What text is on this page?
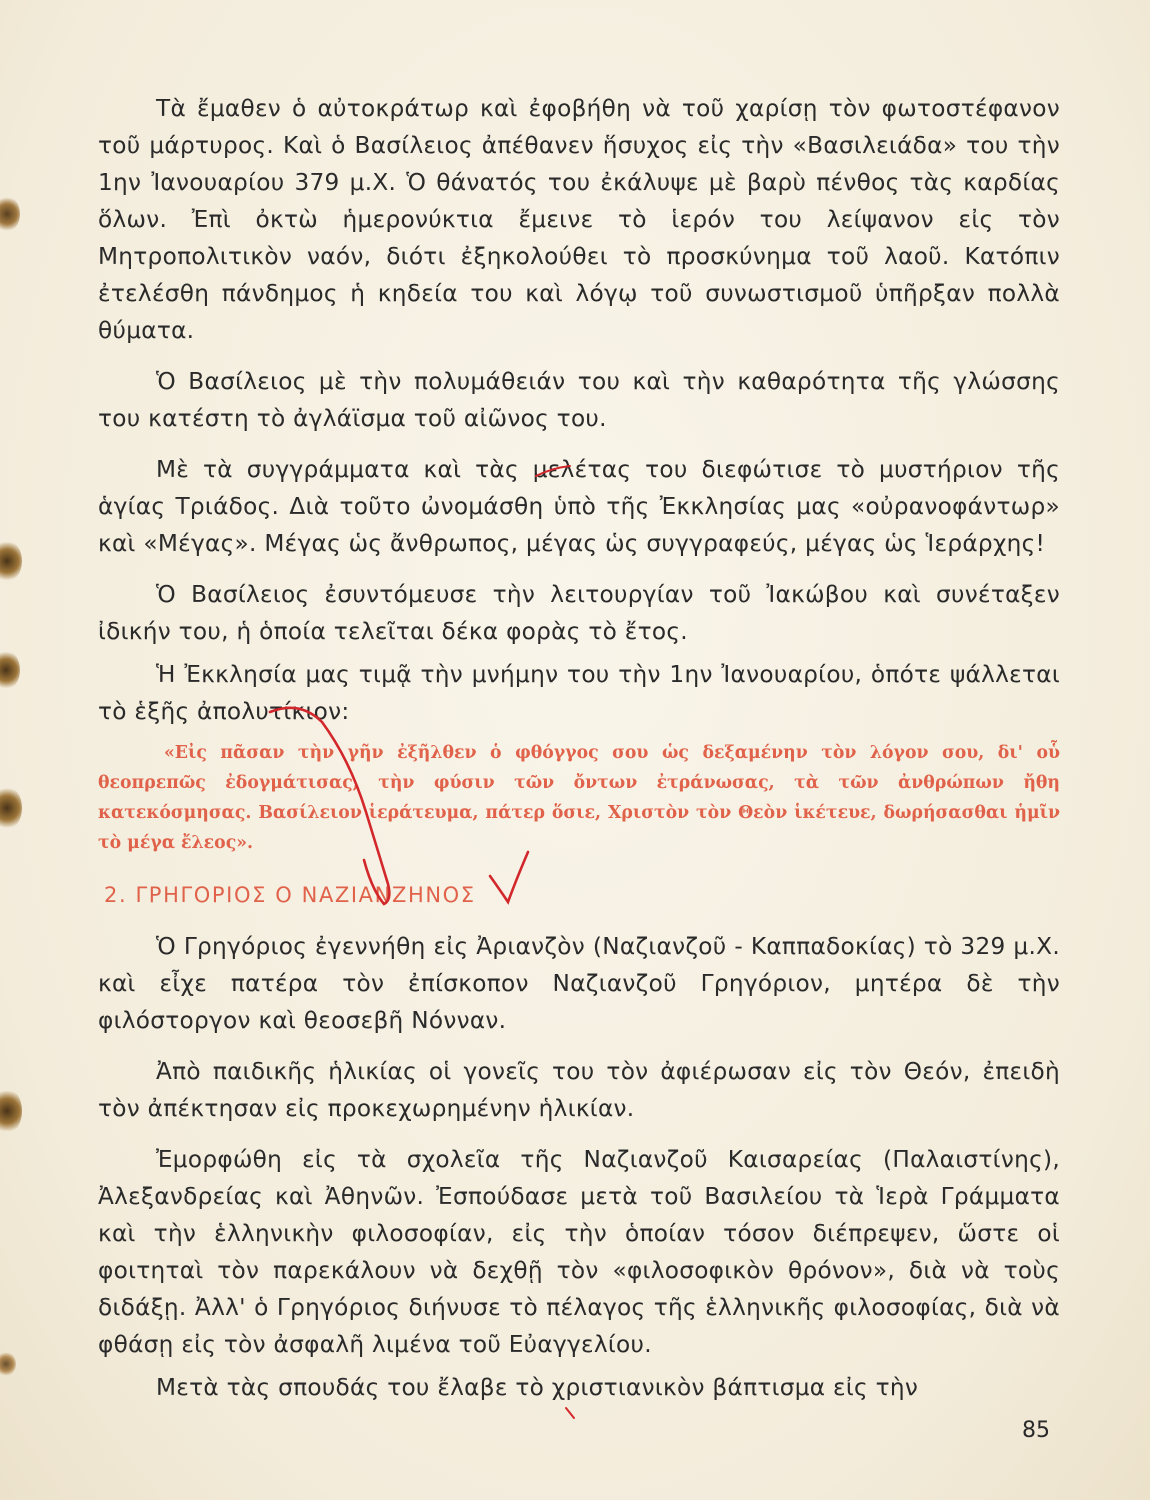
Τὰ ἔμαθεν ὁ αὐτοκράτωρ καὶ ἐφοβήθη νὰ τοῦ χαρίσῃ τὸν φωτοστέφανον τοῦ μάρτυρος. Καὶ ὁ Βασίλειος ἀπέθανεν ἥσυχος εἰς τὴν «Βασιλειάδα» του τὴν 1ην Ἰανουαρίου 379 μ.Χ. Ὁ θάνατός του ἐκάλυψε μὲ βαρὺ πένθος τὰς καρδίας ὅλων. Ἐπὶ ὀκτὼ ἡμερονύκτια ἔμεινε τὸ ἱερόν του λείψανον εἰς τὸν Μητροπολιτικὸν ναόν, διότι ἐξηκολούθει τὸ προσκύνημα τοῦ λαοῦ. Κατόπιν ἐτελέσθη πάνδημος ἡ κηδεία του καὶ λόγῳ τοῦ συνωστισμοῦ ὑπῆρξαν πολλὰ θύματα.

Ὁ Βασίλειος μὲ τὴν πολυμάθειάν του καὶ τὴν καθαρότητα τῆς γλώσσης του κατέστη τὸ ἀγλάϊσμα τοῦ αἰῶνος του.

Μὲ τὰ συγγράμματα καὶ τὰς μελέτας του διεφώτισε τὸ μυστήριον τῆς ἁγίας Τριάδος. Διὰ τοῦτο ὠνομάσθη ὑπὸ τῆς Ἐκκλησίας μας «οὐρανοφάντωρ» καὶ «Μέγας». Μέγας ὡς ἄνθρωπος, μέγας ὡς συγγραφεύς, μέγας ὡς Ἱεράρχης!

Ὁ Βασίλειος ἐσυντόμευσε τὴν λειτουργίαν τοῦ Ἰακώβου καὶ συνέταξεν ἰδικήν του, ἡ ὁποία τελεῖται δέκα φορὰς τὸ ἔτος.

Ἡ Ἐκκλησία μας τιμᾷ τὴν μνήμην του τὴν 1ην Ἰανουαρίου, ὁπότε ψάλλεται τὸ ἑξῆς ἀπολυτίκιον:

«Εἰς πᾶσαν τὴν γῆν ἐξῆλθεν ὁ φθόγγος σου ὡς δεξαμένην τὸν λόγον σου, δι' οὗ θεοπρεπῶς ἐδογμάτισας, τὴν φύσιν τῶν ὄντων ἐτράνωσας, τὰ τῶν ἀνθρώπων ἤθη κατεκόσμησας. Βασίλειον ἱεράτευμα, πάτερ ὅσιε, Χριστὸν τὸν Θεὸν ἱκέτευε, δωρήσασθαι ἡμῖν τὸ μέγα ἔλεος».

2. ΓΡΗΓΟΡΙΟΣ Ο ΝΑΖΙΑΝΖΗΝΟΣ

Ὁ Γρηγόριος ἐγεννήθη εἰς Ἀριανζὸν (Ναζιανζοῦ - Καππαδοκίας) τὸ 329 μ.Χ. καὶ εἶχε πατέρα τὸν ἐπίσκοπον Ναζιανζοῦ Γρηγόριον, μητέρα δὲ τὴν φιλόστοργον καὶ θεοσεβῆ Νόνναν.

Ἀπὸ παιδικῆς ἡλικίας οἱ γονεῖς του τὸν ἀφιέρωσαν εἰς τὸν Θεόν, ἐπειδὴ τὸν ἀπέκτησαν εἰς προκεχωρημένην ἡλικίαν.

Ἐμορφώθη εἰς τὰ σχολεῖα τῆς Ναζιανζοῦ Καισαρείας (Παλαιστίνης), Ἀλεξανδρείας καὶ Ἀθηνῶν. Ἐσπούδασε μετὰ τοῦ Βασιλείου τὰ Ἱερὰ Γράμματα καὶ τὴν ἑλληνικὴν φιλοσοφίαν, εἰς τὴν ὁποίαν τόσον διέπρεψεν, ὥστε οἱ φοιτηταὶ τὸν παρεκάλουν νὰ δεχθῇ τὸν «φιλοσοφικὸν θρόνον», διὰ νὰ τοὺς διδάξῃ. Ἀλλ' ὁ Γρηγόριος διήνυσε τὸ πέλαγος τῆς ἑλληνικῆς φιλοσοφίας, διὰ νὰ φθάσῃ εἰς τὸν ἀσφαλῆ λιμένα τοῦ Εὐαγγελίου.

Μετὰ τὰς σπουδάς του ἔλαβε τὸ χριστιανικὸν βάπτισμα εἰς τὴν

85
